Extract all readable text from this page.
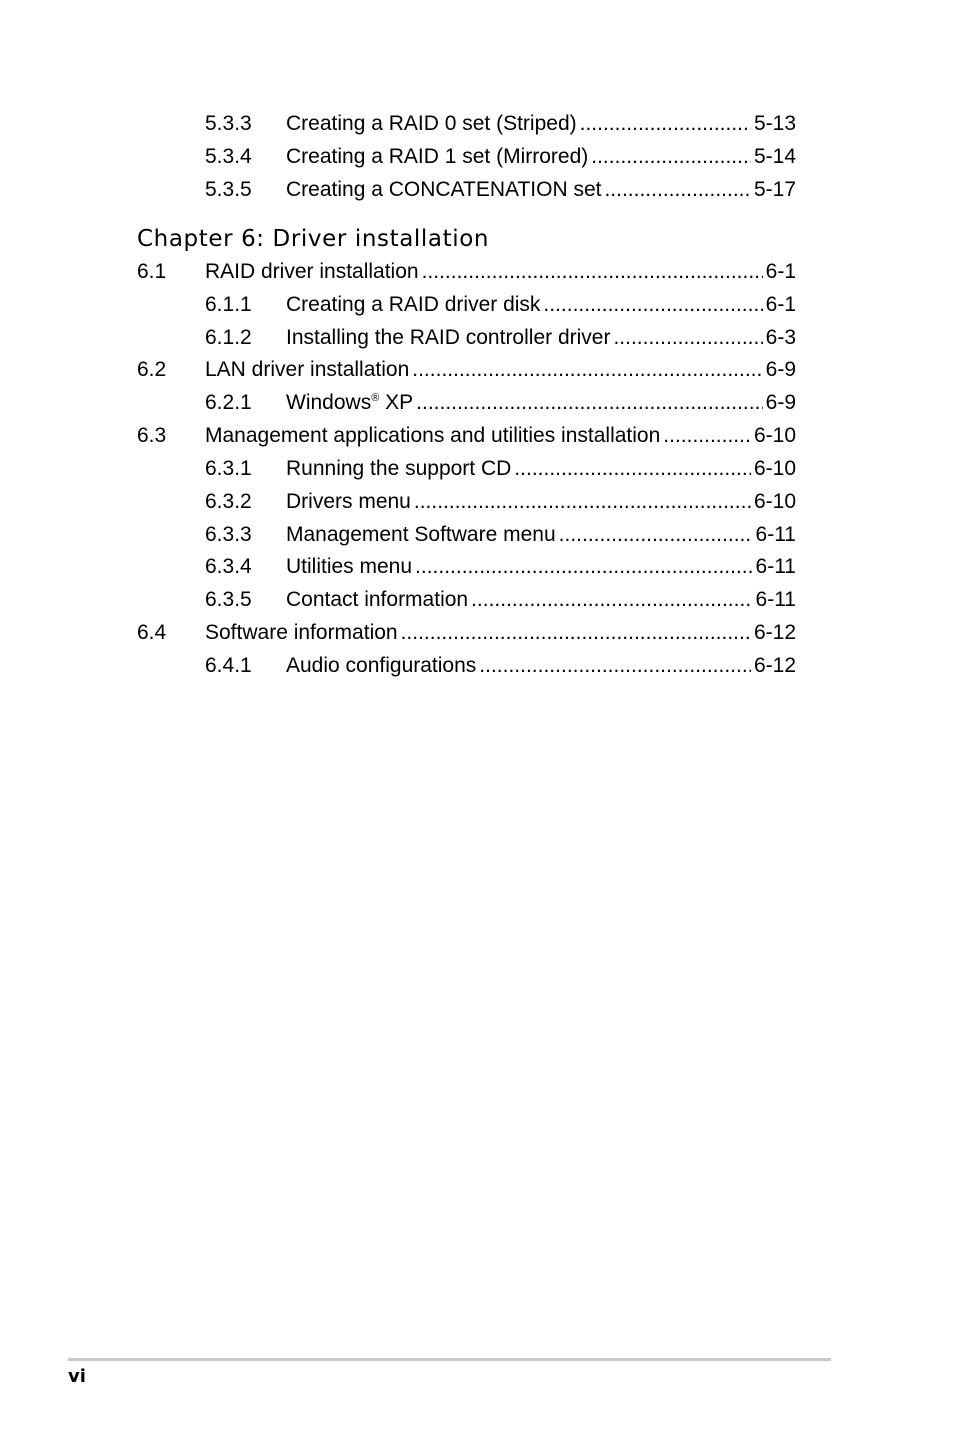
5.3.3	Creating a RAID 0 set (Striped) .....	5-13
5.3.4	Creating a RAID 1 set (Mirrored) .....	5-14
5.3.5	Creating a CONCATENATION set .....	5-17
Chapter 6: Driver installation
6.1	RAID driver installation .....	6-1
6.1.1	Creating a RAID driver disk .....	6-1
6.1.2	Installing the RAID controller driver .....	6-3
6.2	LAN driver installation .....	6-9
6.2.1	Windows® XP .....	6-9
6.3	Management applications and utilities installation .....	6-10
6.3.1	Running the support CD .....	6-10
6.3.2	Drivers menu .....	6-10
6.3.3	Management Software menu .....	6-11
6.3.4	Utilities menu .....	6-11
6.3.5	Contact information .....	6-11
6.4	Software information .....	6-12
6.4.1	Audio configurations .....	6-12
vi
